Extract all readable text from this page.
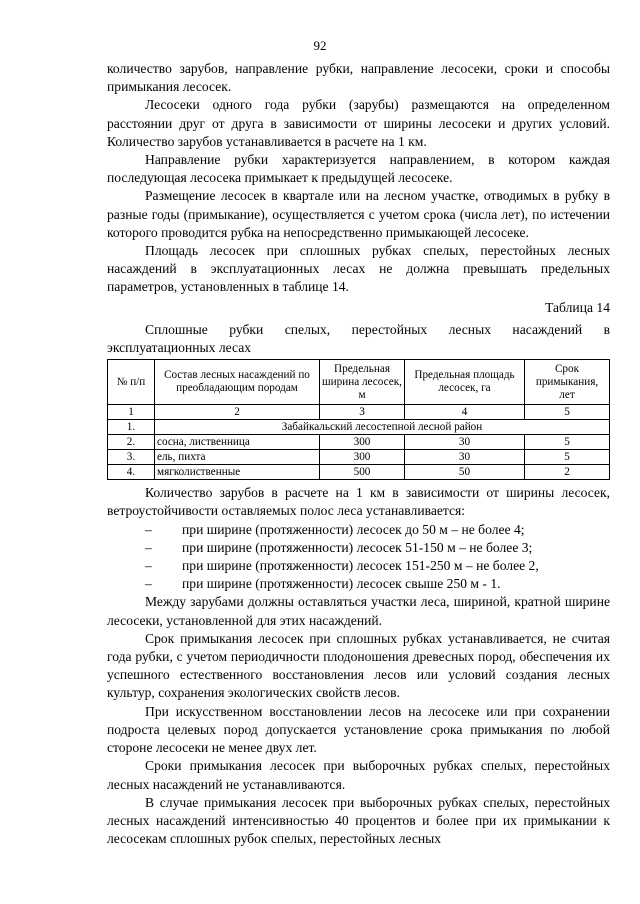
92

количество зарубов, направление рубки, направление лесосеки, сроки и способы примыкания лесосек.

Лесосеки одного года рубки (зарубы) размещаются на определенном расстоянии друг от друга в зависимости от ширины лесосеки и других условий. Количество зарубов устанавливается в расчете на 1 км.

Направление рубки характеризуется направлением, в котором каждая последующая лесосека примыкает к предыдущей лесосеке.

Размещение лесосек в квартале или на лесном участке, отводимых в рубку в разные годы (примыкание), осуществляется с учетом срока (числа лет), по истечении которого проводится рубка на непосредственно примыкающей лесосеке.

Площадь лесосек при сплошных рубках спелых, перестойных лесных насаждений в эксплуатационных лесах не должна превышать предельных параметров, установленных в таблице 14.

Таблица 14

Сплошные рубки спелых, перестойных лесных насаждений в эксплуатационных лесах

№ п/п	Состав лесных насаждений по преобладающим породам	Предельная ширина лесосек, м	Предельная площадь лесосек, га	Срок примыкания, лет
1	2	3	4	5
1.	Забайкальский лесостепной лесной район			
2.	сосна, лиственница	300	30	5
3.	ель, пихта	300	30	5
4.	мягколиственные	500	50	2

Количество зарубов в расчете на 1 км в зависимости от ширины лесосек, ветроустойчивости оставляемых полос леса устанавливается:

– при ширине (протяженности) лесосек до 50 м – не более 4;

– при ширине (протяженности) лесосек 51-150 м – не более 3;

– при ширине (протяженности) лесосек 151-250 м – не более 2,

– при ширине (протяженности) лесосек свыше 250 м - 1.

Между зарубами должны оставляться участки леса, шириной, кратной ширине лесосеки, установленной для этих насаждений.

Срок примыкания лесосек при сплошных рубках устанавливается, не считая года рубки, с учетом периодичности плодоношения древесных пород, обеспечения их успешного естественного восстановления лесов или условий создания лесных культур, сохранения экологических свойств лесов.

При искусственном восстановлении лесов на лесосеке или при сохранении подроста целевых пород допускается установление срока примыкания по любой стороне лесосеки не менее двух лет.

Сроки примыкания лесосек при выборочных рубках спелых, перестойных лесных насаждений не устанавливаются.

В случае примыкания лесосек при выборочных рубках спелых, перестойных лесных насаждений интенсивностью 40 процентов и более при их примыкании к лесосекам сплошных рубок спелых, перестойных лесных
